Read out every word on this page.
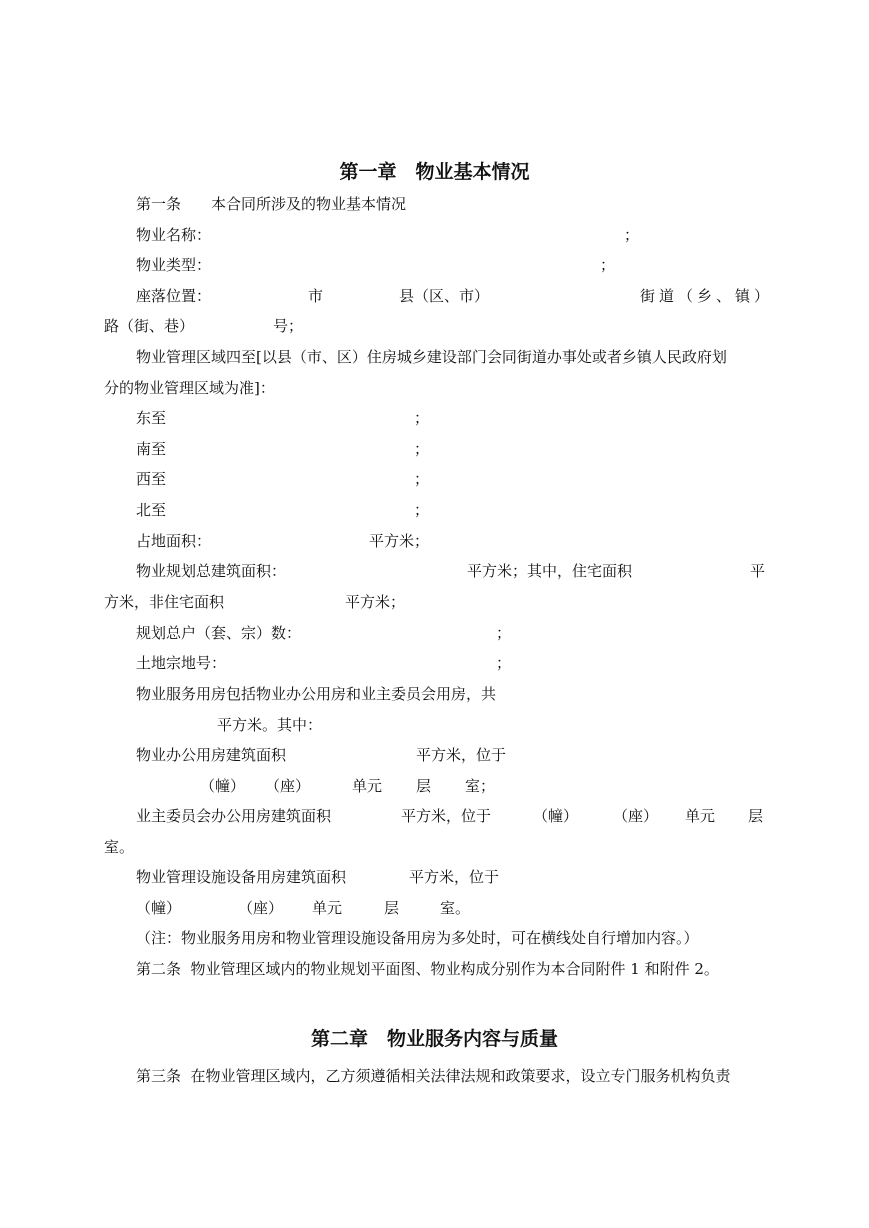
第一章　物业基本情况
第一条　　本合同所涉及的物业基本情况
物业名称：	；
物业类型：	；
座落位置：	市	县（区、市）	街道（乡、镇）
路（街、巷）	号；
物业管理区域四至[以县（市、区）住房城乡建设部门会同街道办事处或者乡镇人民政府划
分的物业管理区域为准]：
东至	；
南至	；
西至	；
北至	；
占地面积：	平方米；
物业规划总建筑面积：	平方米；其中，住宅面积	平
方米，非住宅面积	平方米；
规划总户（套、宗）数：	；
土地宗地号：	；
物业服务用房包括物业办公用房和业主委员会用房，共
平方米。其中：
物业办公用房建筑面积	平方米，位于
（幢） （座）	单元 层 室；
业主委员会办公用房建筑面积	平方米，位于	（幢） （座） 单元 层
室。
物业管理设施设备用房建筑面积	平方米，位于
（幢）	（座） 单元	层	室。
（注：物业服务用房和物业管理设施设备用房为多处时，可在横线处自行增加内容。）
第二条  物业管理区域内的物业规划平面图、物业构成分别作为本合同附件 1 和附件 2。
第二章　物业服务内容与质量
第三条  在物业管理区域内，乙方须遵循相关法律法规和政策要求，设立专门服务机构负责
